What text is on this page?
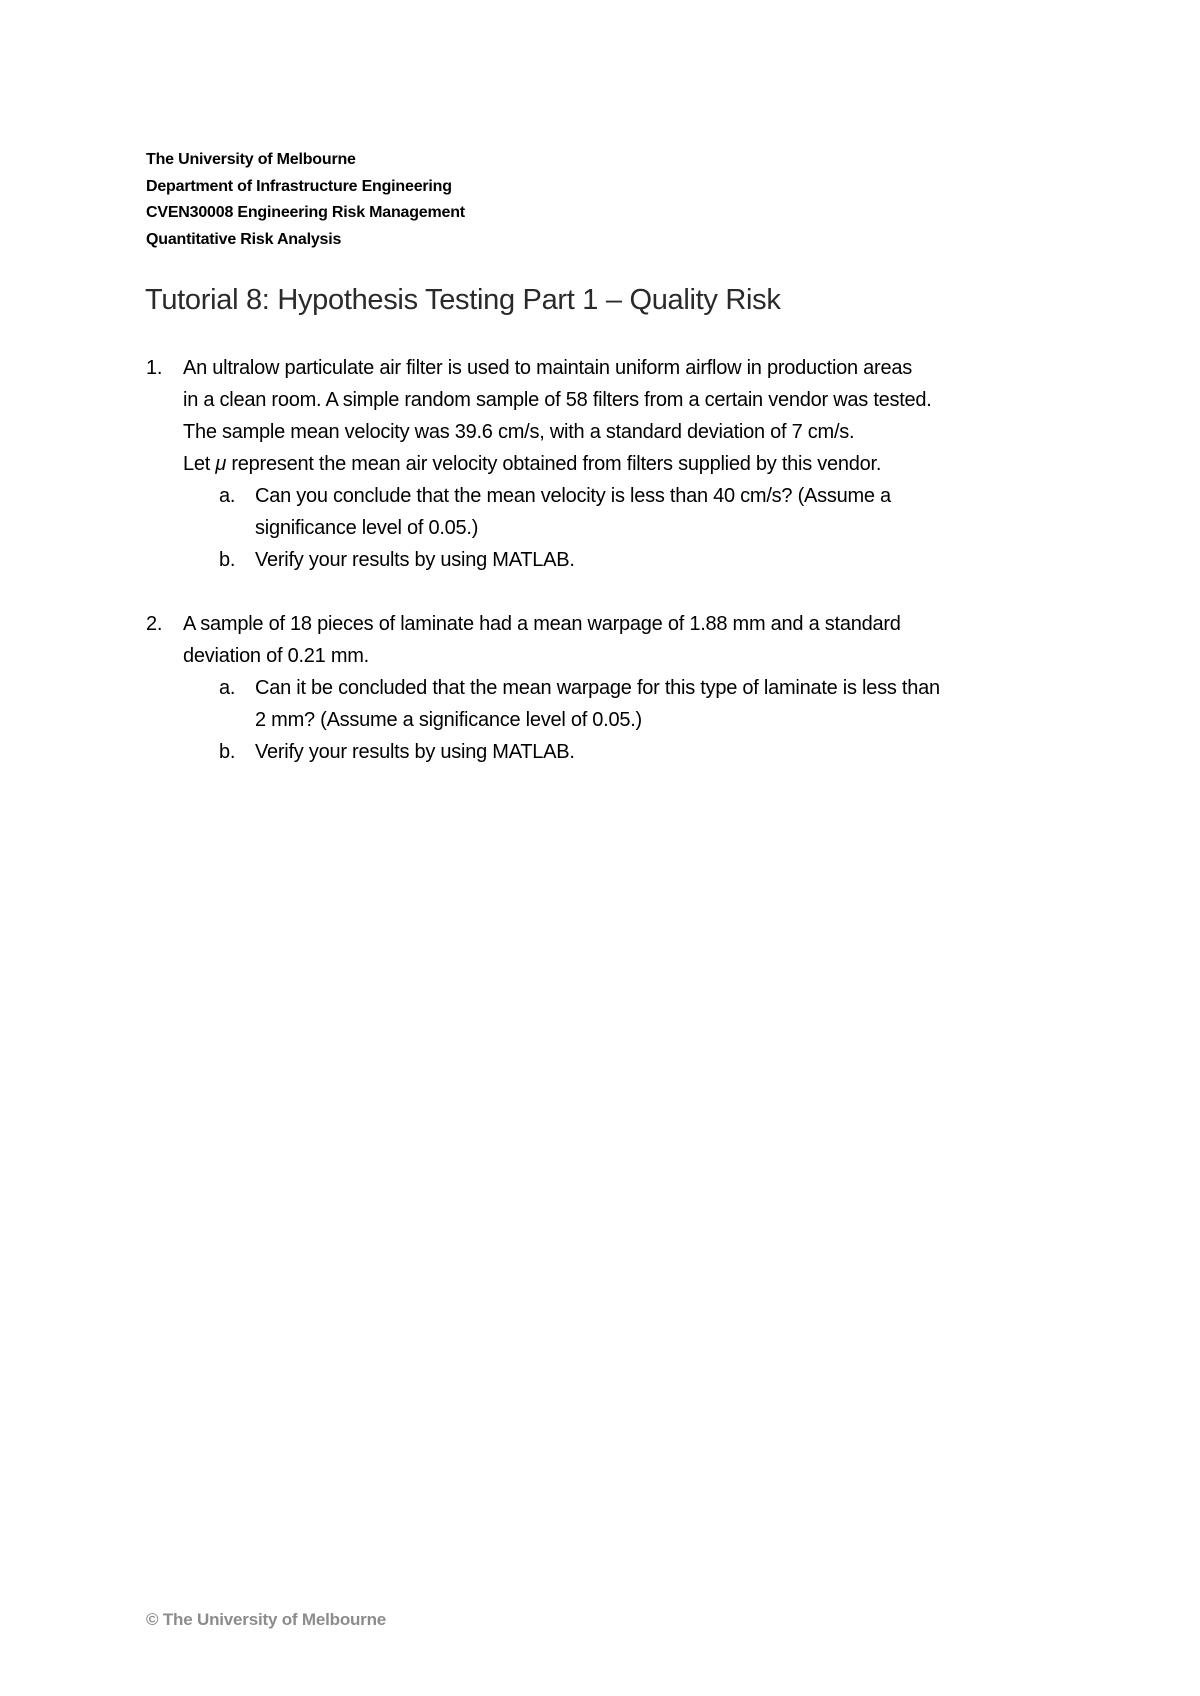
The University of Melbourne
Department of Infrastructure Engineering
CVEN30008 Engineering Risk Management
Quantitative Risk Analysis
Tutorial 8: Hypothesis Testing Part 1 – Quality Risk
1. An ultralow particulate air filter is used to maintain uniform airflow in production areas
in a clean room. A simple random sample of 58 filters from a certain vendor was tested.
The sample mean velocity was 39.6 cm/s, with a standard deviation of 7 cm/s.
Let μ represent the mean air velocity obtained from filters supplied by this vendor.
a. Can you conclude that the mean velocity is less than 40 cm/s? (Assume a
significance level of 0.05.)
b. Verify your results by using MATLAB.
2. A sample of 18 pieces of laminate had a mean warpage of 1.88 mm and a standard
deviation of 0.21 mm.
a. Can it be concluded that the mean warpage for this type of laminate is less than
2 mm? (Assume a significance level of 0.05.)
b. Verify your results by using MATLAB.
© The University of Melbourne
